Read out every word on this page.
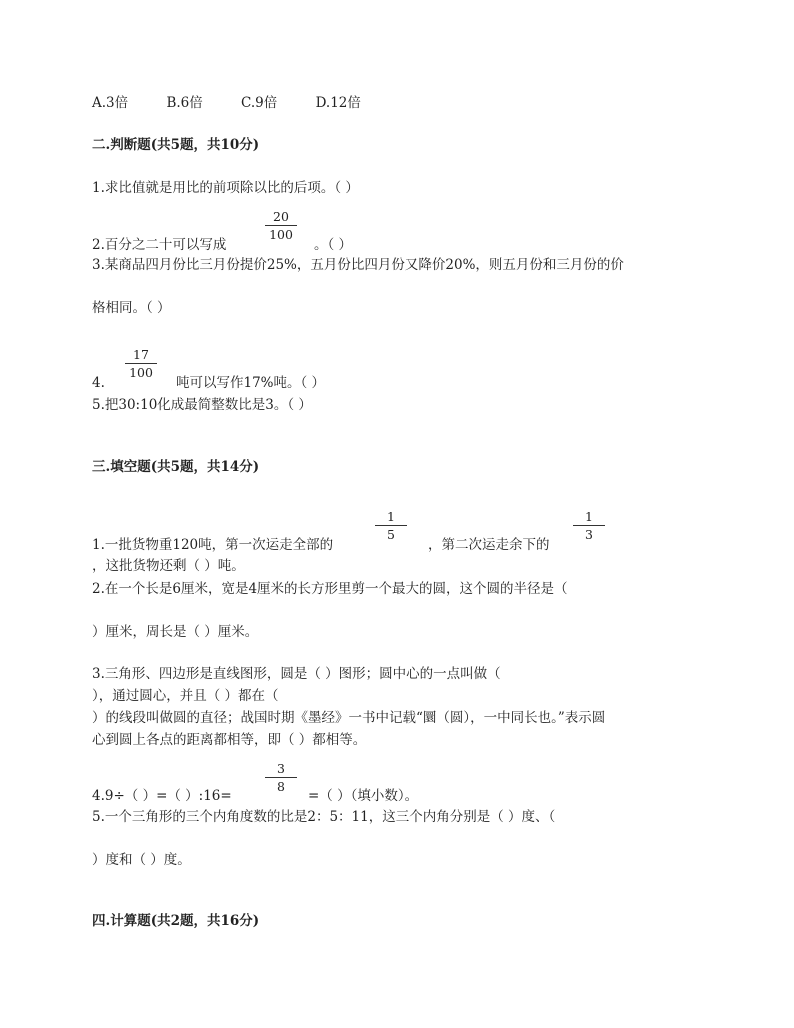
A.3倍	B.6倍	C.9倍	D.12倍
二.判断题(共5题，共10分)
1.求比值就是用比的前项除以比的后项。（ ）
20
100
2.百分之二十可以写成	。（ ）
3.某商品四月份比三月份提价25%，五月份比四月份又降价20%，则五月份和三月份的价
格相同。（ ）
17
100
4.	吨可以写作17%吨。（ ）
5.把30:10化成最简整数比是3。（ ）
三.填空题(共5题，共14分)
1
5
1
3
1.一批货物重120吨，第一次运走全部的	，第二次运走余下的
，这批货物还剩（ ）吨。
2.在一个长是6厘米，宽是4厘米的长方形里剪一个最大的圆，这个圆的半径是（
）厘米，周长是（ ）厘米。
3.三角形、四边形是直线图形，圆是（ ）图形；圆中心的一点叫做（
），通过圆心，并且（ ）都在（
）的线段叫做圆的直径；战国时期《墨经》一书中记载“圜（圆），一中同长也。”表示圆
心到圆上各点的距离都相等，即（ ）都相等。
3
8
4.9÷（ ）=（ ）:16=	=（ ）（填小数）。
5.一个三角形的三个内角度数的比是2：5：11，这三个内角分别是（ ）度、（
）度和（ ）度。
四.计算题(共2题，共16分)
